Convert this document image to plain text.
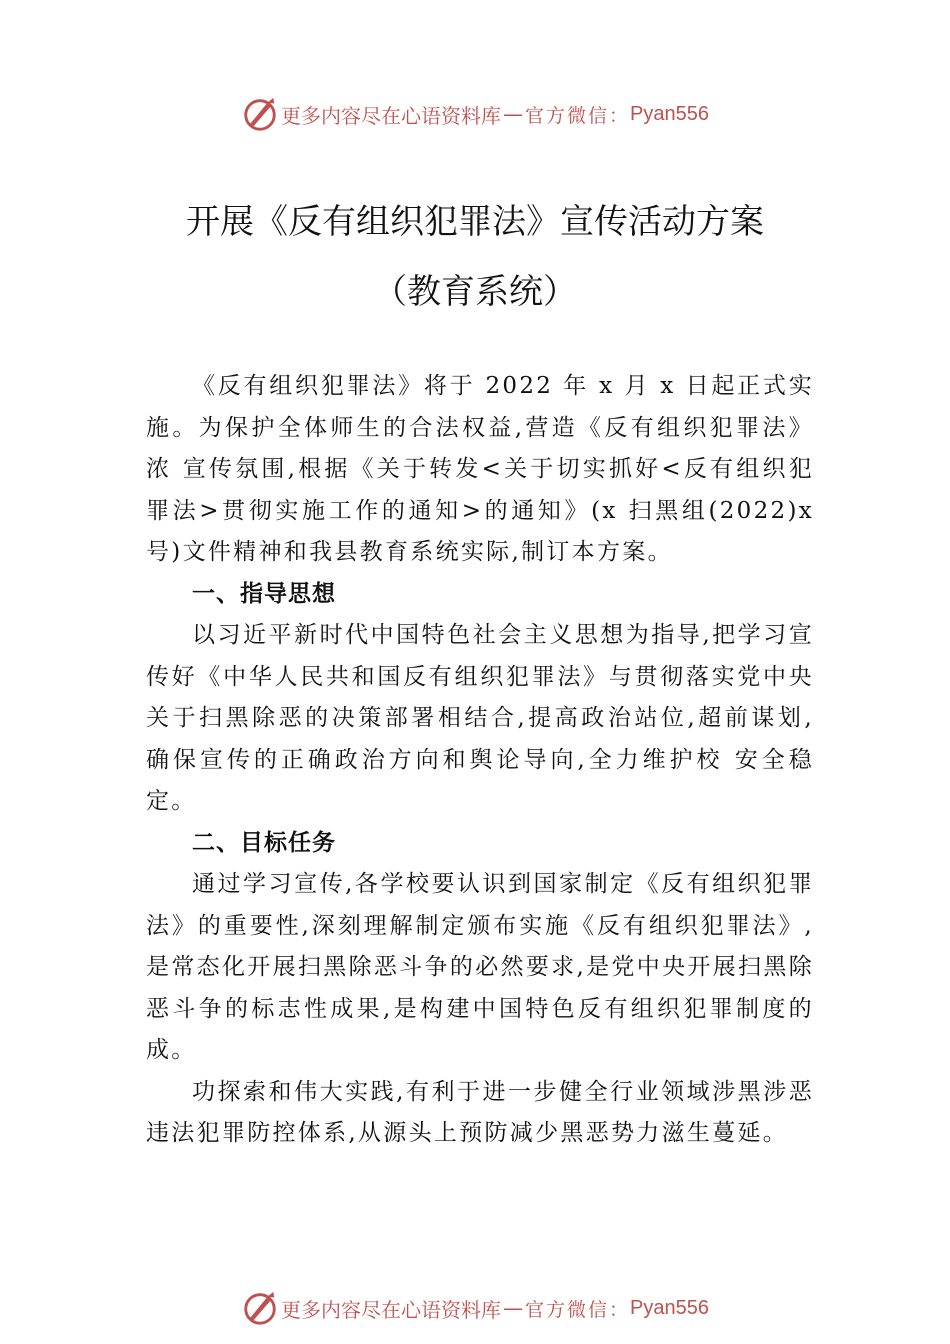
更多内容尽在心语资料库 — 官方微信： Pyan556
开展《反有组织犯罪法》宣传活动方案
（教育系统）

《反有组织犯罪法》将于 2022 年 x 月 x 日起正式实施。为保护全体师生的合法权益,营造《反有组织犯罪法》浓 宣传氛围,根据《关于转发<关于切实抓好<反有组织犯罪法>贯彻实施工作的通知>的通知》(x 扫黑组(2022)x 号)文件精神和我县教育系统实际,制订本方案。

一、指导思想

以习近平新时代中国特色社会主义思想为指导,把学习宣传好《中华人民共和国反有组织犯罪法》与贯彻落实党中央关于扫黑除恶的决策部署相结合,提高政治站位,超前谋划, 确保宣传的正确政治方向和舆论导向,全力维护校 安全稳定。

二、目标任务

通过学习宣传,各学校要认识到国家制定《反有组织犯罪法》的重要性,深刻理解制定颁布实施《反有组织犯罪法》,是常态化开展扫黑除恶斗争的必然要求,是党中央开展扫黑除恶斗争的标志性成果,是构建中国特色反有组织犯罪制度的成。

功探索和伟大实践,有利于进一步健全行业领域涉黑涉恶违法犯罪防控体系,从源头上预防减少黑恶势力滋生蔓延。

更多内容尽在心语资料库 — 官方微信： Pyan556
